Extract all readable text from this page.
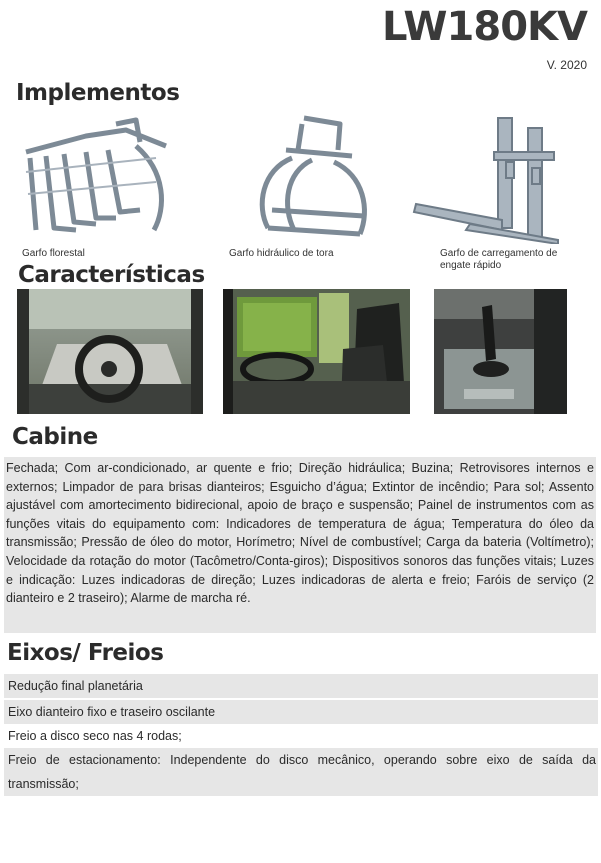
LW180KV
V. 2020
Implementos
Garfo florestal	Garfo hidráulico de tora	Garfo de carregamento de engate rápido
Características
Cabine
Fechada; Com ar-condicionado, ar quente e frio; Direção hidráulica; Buzina; Retrovisores internos e externos; Limpador de para brisas dianteiros; Esguicho d’água; Extintor de incêndio; Para sol; Assento ajustável com amortecimento bidirecional, apoio de braço e suspensão; Painel de instrumentos com as funções vitais do equipamento com: Indicadores de temperatura de água; Temperatura do óleo da transmissão; Pressão de óleo do motor, Horímetro; Nível de combustível; Carga da bateria (Voltímetro); Velocidade da rotação do motor (Tacômetro/Conta-giros); Dispositivos sonoros das funções vitais; Luzes e indicação: Luzes indicadoras de direção; Luzes indicadoras de alerta e freio; Faróis de serviço (2 dianteiro e 2 traseiro); Alarme de marcha ré.
Eixos/ Freios
Redução final planetária
Eixo dianteiro fixo e traseiro oscilante
Freio a disco seco nas 4 rodas;
Freio de estacionamento: Independente do disco mecânico, operando sobre eixo de saída da transmissão;
